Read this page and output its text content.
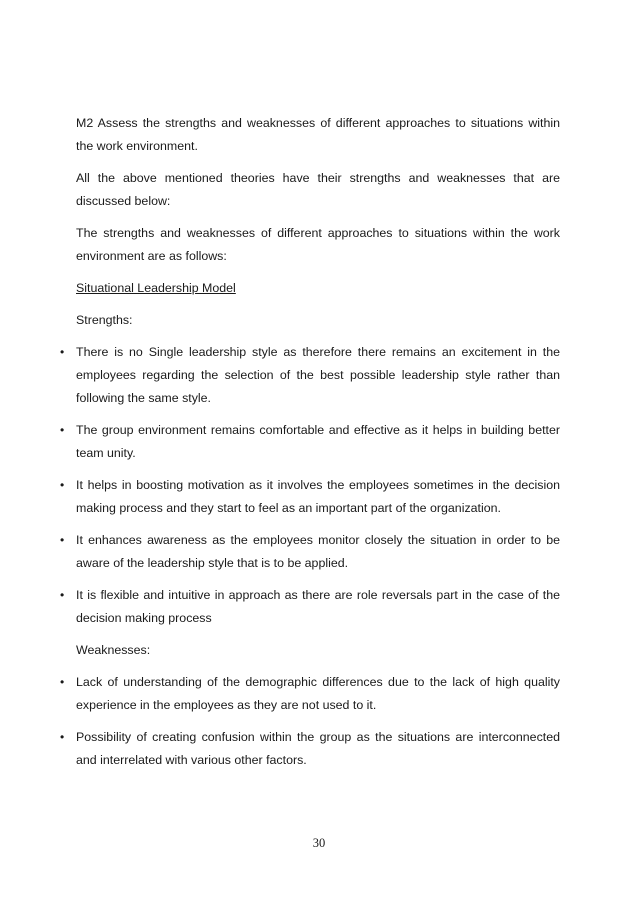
M2 Assess the strengths and weaknesses of different approaches to situations within the work environment.

All the above mentioned theories have their strengths and weaknesses that are discussed below:

The strengths and weaknesses of different approaches to situations within the work environment are as follows:

Situational Leadership Model

Strengths:

• There is no Single leadership style as therefore there remains an excitement in the employees regarding the selection of the best possible leadership style rather than following the same style.
• The group environment remains comfortable and effective as it helps in building better team unity.
• It helps in boosting motivation as it involves the employees sometimes in the decision making process and they start to feel as an important part of the organization.
• It enhances awareness as the employees monitor closely the situation in order to be aware of the leadership style that is to be applied.
• It is flexible and intuitive in approach as there are role reversals part in the case of the decision making process

Weaknesses:

• Lack of understanding of the demographic differences due to the lack of high quality experience in the employees as they are not used to it.
• Possibility of creating confusion within the group as the situations are interconnected and interrelated with various other factors.
30
